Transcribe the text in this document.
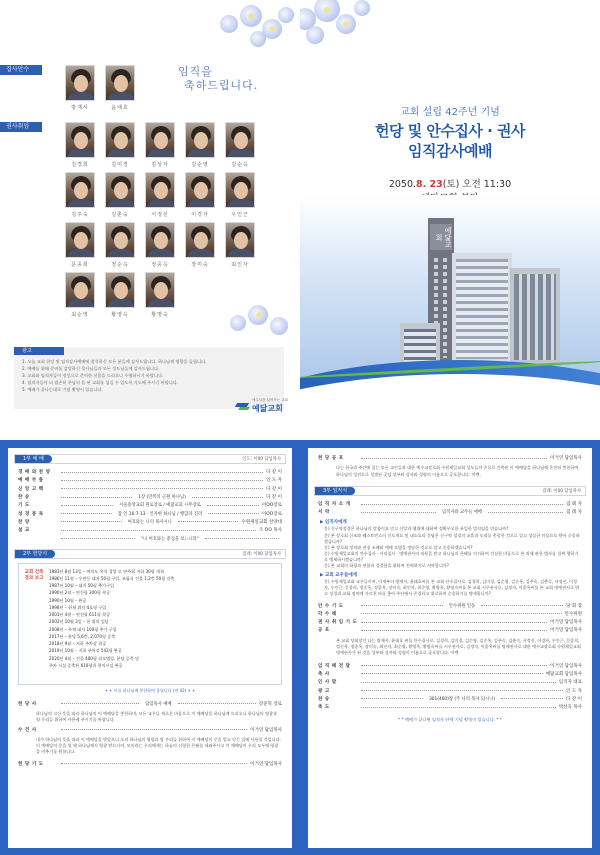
집사안수
방재서	윤태호
임직을
축하드립니다.
권사취임
김경희	김미경	김성자	김순영	김순옥
김주숙	김춘숙	서정선	이경자	우인근
문종희	정순옥	정종옥	장미숙	최인자
최순영	황영옥	황명숙
광고
1. 오늘 교회 헌당 및 임직감사예배에 참석하신 모든 분들께 감사드립니다. 하나님께 영광을 돌립니다.
2. 예배를 위해 준비를 감당하신 목사님들과 모든 성도님들께 감사드립니다.
3. 교회와 임직자들이 정성으로 준비한 선물을 드리오니 수령하시기 바랍니다.
4. 임직자들이 더 겸손히 주님의 몸 된 교회를 섬길 수 있도록 기도해 주시기 바랍니다.
5. 예배가 끝나는대로 기념 촬영이 있습니다.
교회 설립 42주년 기념
헌당 및 안수집사 · 권사
임직감사예배
2050.8. 23(토) 오전 11:30
예닮교회
예수님을 닮아가는 교회
예닮교회
1부 예 배	인도: 이00 담임목사
경 배 와 찬 양	다 같 이
예 배 부 름	인 도 자
신 앙 고 백	다 같 이
찬 송	1장 (만복의 근원 하나님)	다 같 이
기 도	서울중앙교회 원로장로 / 예닮교회 시무장로	이OO장로
성 경 봉 독	잠 언 16:7-13 · 인자한 하나님 / 행함과 진리	이OO장로
찬 양	여호와는 나의 목자시니	수원제일교회 찬양대
설 교	조 OO 목사
"나 여호와는 중심을 보느니라"
2부 헌당식	집례: 이00 담임목사
교회 건축
경과 보고
1983년 8월 13일 – 여의도 옥석 창업 모 연주회 지하 30평 개척
1986년 11월 – 우만동 대지 50평 구입, 조립식 건물 1,2층 50평 건축
1987년 10월 – 대지 50평 추가구입
1990년 2월 – 연건평 300평 착공
1990년 10월 – 완공
1998년 – 현재 위치 4호형 구입
2001년 4월 – 연건평 611평 착공
2002년 10월 3일 – 헌 위치 입당
2008년 – 주제 대지 100평 추가 구입
2017년 – 분당 5,6층, 2,070평 증축
2018년 9월 – 지하 주차장 착공
2019년 10월 – 지하 주차장 542평 완공
2020년 4월 – 건물 400평 리모델링, 분당 증축 및
주차 시설 증축된 610평과 편의시설 완공
+ + 이를 하나님께 봉헌하여 올립니다 (연 42) + +
헌 당 사	담임목사 예배	강준혁 장로
하나님의 크신 뜻을 따라 하나님의 이 예배당을 봉헌하며, 모든 교우들 새로운 마음으로 이 예배당을 하나님께 드리오니 하나님의 영광과 영 우리들 위하여 사용케 주시기를 바랍니다.
수 건 사	이거연 담임목사
내가 하나님의 뜻을 따라 이 예배당을 받았으니 오직 하나님의 영광과 영 우리들 위하여 이 예배당의 문을 열고 닫는 일에 사용할 것입니다. 이 예배당의 문을 열 때 하나님께서 영광 받으시며, 모이라는 우리에게는 하늘의 신령한 은혜를 내려주시고 이 예배당이 우리 모두에 영광을 비추기를 원합니다.
헌 당 기 도	이거연 담임목사
헌 당 공 포	이거연 담임목사
나는 한국과 주안에 있는 모든 교인들과 대한 예수교장로회 수원제일교회 성도들의 손으로 건축된 이 예배당을 하나님께 온전히 봉헌하여 하나님의 성전으로 성별된 곳임 성부와 성자와 성령의 이름으로 공포합니다. 아멘.
3부 임직식	집례: 이00 담임목사
임 직 자 소 개	집 례 자
서 약	임직자와 교우들 예배	집 례 자
▶ 임직자에게
문) 신구약성경은 하나님의 말씀이요 믿고 신앙과 행위에 대하여 정확무오한 유일한 법칙임을 믿습니까?
문) 본 장로회 신조와 웨스트민스터 신도게요 및 대소요리 문답은 신구약 성경의 교훈과 도리를 총괄한 것으로 알고 성실한 마음으로 받아 순종하겠습니까?
문) 본 장로회 정치와 권징 조례와 예배 모범을 정당한 것으로 알고 순종하겠습니까?
문) 수원제일교회의 안수집사 · 서리집사 · 명예권사의 직분을 받고 하나님의 은혜를 의지하여 진실한 마음으로 본 직에 관한 범사를 힘써 행하기로 맹세하시겠습니까?
문) 본 교회의 화평과 연합과 성결함을 위하여 전력하기로 서약합니까?
▶ 교회 교우들에게
문) 수원제일교회 교우들이여, 이제부터 방재서, 윤태호씨를 본 교회 안수집사로, 김경희, 김미경, 김순영, 김순옥, 김주숙, 김춘숙, 서정선, 이경자, 우인근, 문종희, 정순옥, 정종옥, 장미숙, 최인자, 최순영, 황영옥, 황명숙씨를 본 교회 시무권사로, 김정자, 이종옥씨를 본 교회 명예권사로 받고 성경과 교회 정치에 가르친 바를 좇아 주안에서 존경하고 위로하며 순종하기를 맹세합니까?
안 수 기 도	안수위원 일동	당 회 장
악 수 례	안수위원
권 사 취 임 기 도	이거연 담임목사
공 포	이거연 담임목사
본 교회 당회장인 나는 방재서, 윤태호 씨를 안수집사로, 김경희, 김미경, 김순영, 김순옥, 김주숙, 김춘숙, 서정선, 이경자, 우인근, 문종희, 정순옥, 정종옥, 장미숙, 최인자, 최순영, 황영옥, 황명숙씨를 시무권사로, 김정자, 이종옥씨를 명예권사로 대한 예수교장로회 수원제일교회 명예권사가 된 것을 성부와 성자와 성령의 이름으로 공포합니다. 아멘.
임 직 패 전 달	이거연 담임목사
축 사	예닮교회 담임목사
인 사 말	임직자 대표
광 고	인 도 자
찬 송	301(460)장 (주 나의 목자 되시니)	다 같 이
축 도	박선욱 목사
* * 예배가 끝나면 임직자 단체 기념 촬영이 있습니다. * *
